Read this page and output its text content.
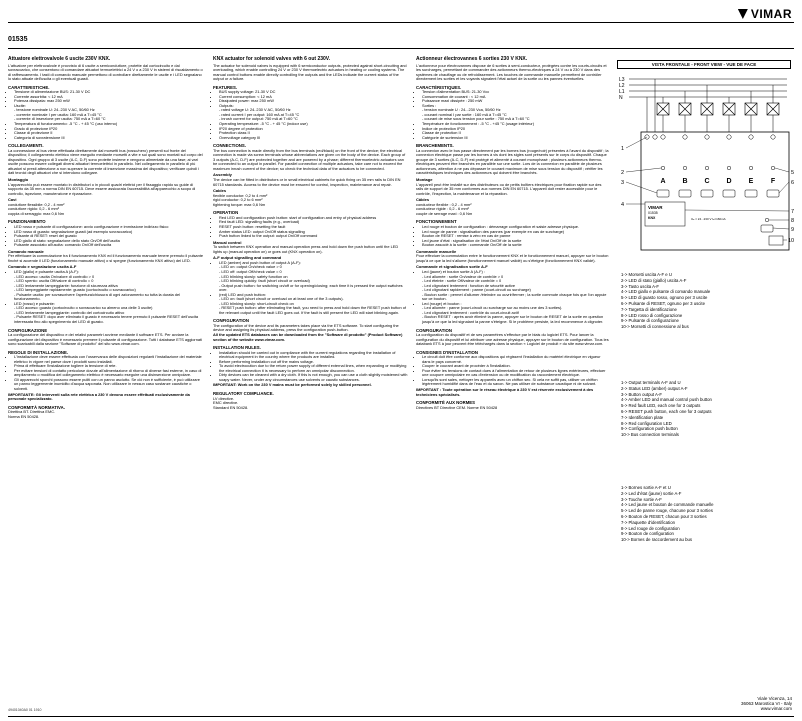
VIMAR
01535
Attuatore elettrovalvole 6 uscite 230V KNX.

L'attuatore per elettrovalvole è provvisto di 6 uscite a semiconduttore, protette dal cortocircuito e dal sovraccarico, che consentono di comandare attuatori termoelettrici a 24 V o a 230 V in sistemi di riscaldamento o di raffrescamento. I tasti di comando manuale permettono di controllare direttamente le uscite e i LED segnalano lo stato attuale dell'uscita o gli eventuali guasti.

CARATTERISTICHE.
• Tensione di alimentazione BUS: 21-30 V DC
• Corrente assorbita: < 12 mA
• Potenza dissipata: max 250 mW
• Uscite:
- tensione nominale U: 24..230 V AC, 50/60 Hz
- corrente nominale I per uscita: 160 mA a T=45 °C
- corrente di inserzione per uscita: 750 mA a T=60 °C
• Temperatura di funzionamento: -5 °C - + 45 °C (uso interno)
• Grado di protezione IP20
• Classe di protezione II
• Categoria di sovratensione III
COLLEGAMENTI.

La connessione al bus viene effettuata direttamente dal morsetti bus (rosso/nero) presenti sul fronte del dispositivo; il collegamento elettrico viene eseguito mediante morsetti a vite e sui quali sono montati sul corpo del dispositivo. Ogni gruppo di 3 uscite (A-C, D-F) sono protette insieme e vengono alimentate da una fase; ai vari uscite possono essere collegati diversi attuatori termoelettrici in parallelo. Nel collegamento in parallelo di più attuatori si presti attenzione a non superare la corrente di inserzione massima del dispositivo; verificare quindi i dati tecnici degli attuatori che si intendono collegare.

Montaggio

L'apparecchio può essere montato in distributori o in piccoli quadri elettrici per il fissaggio rapido su guide di supporto da 35 mm a norma DIN EN 60715. Deve essere assicurata l'accessibilità all'apparecchio a scopo di controllo, ispezione, manutenzione e riparazione.

Cavi

conduttore flessibile: 0,2 - 4 mm²

conduttore rigido: 0,2 - 6 mm²

coppia di serraggio: max 0,6 Nm

FUNZIONAMENTO
• LED rosso e pulsante di configurazione: avvio configurazione e immissione indirizzo fisico
• LED rosso di guasto: segnalazione guasti (ad esempio sovraccarico)
• Pulsante di RESET: reset del guasto
• LED giallo di stato: segnalazione dello stato On/Off dell'uscita
• Pulsante associato all'uscita: comando On/Off dell'uscita
Comando manuale

Per effettuare la commutazione tra il funzionamento KNX ed il funzionamento manuale tenere premuto il pulsante finché si accende il LED (funzionamento manuale attivo) o si spegne (funzionamento KNX attivo) del LED.

Comando e segnalazione uscita A-F
• LED (giallo) e pulsante uscita A (A-F):
- LED acceso: uscita On/valore di controllo > 0
- LED spento: uscita Off/valore di controllo = 0
- LED lentamente lampeggiante: funzione di sicurezza attiva
- LED lampeggiante rapidamente: guasto (cortocircuito o sovraccarico)
- Pulsante uscita: per sovrascrivere l'apertura/chiusura di ogni azionamento su tutta la durata del funzionamento.
• LED (rosso) e pulsante:
- LED acceso: guasto (cortocircuito o sovraccarico su almeno una delle 3 uscite)
- LED lentamente lampeggiante: controllo del cortocircuito attivo
- Pulsante RESET: dopo aver eliminato il guasto è necessario tenere premuto il pulsante RESET dell'uscita interessata fino allo spegnimento del LED di guasto.
CONFIGURAZIONE

La configurazione del dispositivo e dei relativi parametri avviene mediante il software ETS. Per avviare la configurazione del dispositivo è necessario premere il pulsante di configurazione. Tutti i database ETS aggiornati sono scaricabili dalla sezione "Software di prodotto" del sito www.vimar.com.

REGOLE DI INSTALLAZIONE.
• L'installazione deve essere effettuata con l'osservanza delle disposizioni regolanti l'installazione del materiale elettrico in vigore nel paese dove i prodotti sono installati.
• Prima di effettuare l'installazione togliere la tensione di rete.
• Per evitare tensioni di contatto pericolose dovute all'alimentazione di ritorno di diverse fasi esterne, in caso di ampliamento o modifica del collegamento elettrico è necessario eseguire una disinserzione onnipolare.
• Gli apparecchi sporchi possono essere puliti con un panno asciutto. Se ciò non è sufficiente, è può utilizzare un panno leggermente inumidito d'acqua saponata. Non utilizzare in nessun caso sostanze caustiche o solventi.

IMPORTANTE: Gli interventi sulla rete elettrica a 230 V devono essere effettuati esclusivamente da personale specializzato.

CONFORMITÀ NORMATIVA.

Direttiva BT. Direttiva EMC.

Norma EN 50428.

KNX actuator for solenoid valves with 6 out 230V.

The actuator for solenoid valves is equipped with 6 semiconductor outputs, protected against short-circuiting and overloading, which enable controlling 24 V or 230 V thermoelectric actuators in heating or cooling systems. The manual control buttons enable directly controlling the outputs and the LEDs indicate the current status of the output or a failure.

FEATURES.
• BUS supply voltage: 21-30 V DC
• Current consumption: < 12 mA
• Dissipated power: max 250 mW
• Outputs:
- rated voltage U: 24..230 V AC, 50/60 Hz
- rated current I per output: 160 mA at T=45 °C
- inrush current for output: 750 mA at T=60 °C
• Operating temperature: -5 °C - + 45 °C (indoor use)
• IP20 degree of protection
• Protection class II
• Overvoltage category III
CONNECTIONS.

The bus connection is made directly from the bus terminals (red/black) on the front of the device; the electrical connection is made via screw terminals whose abbreviations are given on the body of the device. Each group of 3 outputs (A-C, D-F) are protected together and are powered by a phase; different thermoelectric actuators can be connected to an output in parallel. For parallel connection of multiple actuators, take care not to exceed the maximum inrush current of the device; so check the technical data of the actuators to be connected.

Assembly

The device can be fitted in distributors or in small electrical cabinets for quick fixing on 35 mm rails to DIN EN 60715 standards. Access to the device must be ensured for control, inspection, maintenance and repair.

Cables

flexible conductor: 0,2 to 4 mm²

rigid conductor: 0,2 to 6 mm²

tightening torque: max 0,6 Nm

OPERATION
• Red LED and configuration push button: start of configuration and entry of physical address
• Red fault LED: signalling faults (e.g., overload)
• RESET push button: resetting the fault
• Amber status LED: output On/Off status signalling
• Push button linked to the output: output On/Off command
Manual control

To switch between KNX operation and manual operation press and hold down the push button until the LED lights up (manual operation on) or goes out (KNX operation on).

A-F output signalling and command
• LED (amber) and push button of output A (A-F):
- LED on: output On/check value > 0
- LED off: output Off/check value = 0
- LED blinking slowly: safety function on
- LED blinking quickly: fault (short circuit or overload)
- Output push button: for switching on/off or for opening/closing; each time it is pressed the output switches over.
• (red) LED and push button:
- LED on: fault (short circuit or overload on at least one of the 3 outputs).
- LED blinking slowly: short-circuit check on
- RESET push button: after eliminating the fault, you need to press and hold down the RESET push button of the relevant output until the fault LED goes out. If the fault is still present the LED will start blinking again.
CONFIGURATION

The configuration of the device and its parameters takes place via the ETS software. To start configuring the device and assigning its physical address, press the configuration push-button.

All the updated ETS databases can be downloaded from the "Software di prodotto" (Product Software) section of the website www.vimar.com.

INSTALLATION RULES.
• Installation should be carried out in compliance with the current regulations regarding the installation of electrical equipment in the country where the products are installed.
• Before performing installation cut off the mains voltage.
• To avoid electrocution due to the return power supply of different external lines, when expanding or modifying the electrical connection it is necessary to perform an omnipolar disconnection.
• Dirty devices can be cleaned with a dry cloth. If this is not enough, you can use a cloth slightly moistened with soapy water. Never, under any circumstances use solvents or caustic substances.

IMPORTANT: Work on the 230 V mains must be performed solely by skilled personnel.

REGULATORY COMPLIANCE.

LV directive.

EMC directive.

Standard EN 50428.

Actionneur électrovannes 6 sorties 230 V KNX.

L'actionneur pour électrovannes dispose de 6 sorties à semi-conducteur, protégées contre les courts-circuits et les surcharges, permettant de commander des actionneurs thermo-électriques à 24 V ou à 230 V dans des systèmes de chauffage ou de refroidissement. Les touches de commande manuelle permettent de contrôler directement les sorties et les voyants signalent l'état actuel de la sortie ou les pannes éventuelles.

CARACTÉRISTIQUES.
• Tension d'alimentation BUS: 21-30 Vcc
• Consommation de courant : < 12 mA
• Puissance maxi dissipée : 250 mW
• Sorties :
- tension nominale U : 24...230 Vca, 50/60 Hz
- courant nominal I par sortie : 160 mA à T=45 °C
- courant de mise sous tension pour sortie : 750 mA à T=60 °C
• Température de fonctionnement : -5 °C - +45 °C (usage intérieur)
• Indice de protection IP20
• Classe de protection II
• Catégorie de surtension III
BRANCHEMENTS.

La connexion avec le bus passe directement par les bornes bus (rouge/noir) présentes à l'avant du dispositif ; la connexion électrique passe par les bornes à vis dont les sigles sont présents sur le corps du dispositif. Chaque groupe de 3 sorties (A-C, D-F) est protégé et alimenté à courant monophasé ; plusieurs actionneurs thermo-électriques peuvent être branchés en parallèle sur une sortie. Lors de la connexion en parallèle de plusieurs actionneurs, attention à ne pas dépasser le courant maximum de mise sous tension du dispositif ; vérifier les caractéristiques techniques des actionneurs qui doivent être branchés.

Montage

L'appareil peut être installé sur des distributeurs ou de petits boîtiers électriques pour fixation rapide sur des rails de support de 35 mm conformes aux normes DIN EN 60715. L'appareil doit rester accessible pour le contrôle, l'inspection, la maintenance et la réparation.

Câbles

conducteur flexible : 0,2 - 4 mm²

conducteur rigide : 0,2 - 6 mm²

couple de serrage maxi : 0,6 Nm

FONCTIONNEMENT
• Led rouge et bouton de configuration : démarrage configuration et saisie adresse physique.
• Led rouge de panne : signalisation des pannes (par exemple en cas de surcharge)
• Bouton de RESET : remise à zéro en cas de panne
• Led jaune d'état : signalisation de l'état On/Off de la sortie
• Bouton associé à la sortie : commande On/Off de la sortie
Commande manuelle

Pour effectuer la commutation entre le fonctionnement KNX et le fonctionnement manuel, appuyer sur le bouton jusqu'à ce que la led s'allume (fonctionnement manuel validé) ou s'éteigne (fonctionnement KNX validé).

Commande et signalisation sortie A-F
• Led (jaune) et bouton sortie A (A-F) :
- Led allumée : sortie On/valeur de contrôle > 0
- Led éteinte : sortie Off/valeur de contrôle = 0
- Led clignotant lentement : fonction de sécurité active
- Led clignotant rapidement : panne (court-circuit ou surcharge)
- Bouton sortie : permet d'allumer /éteindre ou ouvrir/fermer ; la sortie commute chaque fois que l'on appuie sur ce bouton.
• Led (rouge) et bouton :
- Led allumée : panne (court-circuit ou surcharge sur au moins une des 3 sorties).
- Led clignotant lentement : contrôle du court-circuit actif
- Bouton RESET : après avoir éliminé la panne, appuyer sur le bouton de RESET de la sortie en question jusqu'à ce que la led signalant la panne s'éteigne. Si le problème persiste, la led recommence à clignoter.
CONFIGURATION

La configuration du dispositif et de ses paramètres s'effectue par le biais du logiciel ETS. Pour lancer la configuration du dispositif et lui attribuer une adresse physique, appuyer sur le bouton de configuration. Tous les databank ETS à jour peuvent être téléchargés dans la section « Logiciel de produit » du site www.vimar.com.

CONSIGNES D'INSTALLATION
• Le circuit doit être conforme aux dispositions qui régissent l'installation du matériel électrique en vigueur dans le pays concerné.
• Couper le courant avant de procéder à l'installation.
• Pour éviter les tensions de contact dues à l'alimentation de retour de plusieurs lignes extérieures, effectuer une coupure omnipolaire en cas d'extension ou de modification du raccordement électrique.
• Lorsqu'ils sont sales, nettoyer les appareils avec un chiffon sec. Si cela ne suffit pas, utiliser un chiffon légèrement humidifié dans de l'eau et du savon. Ne pas utiliser de substance caustique ni de solvant.

IMPORTANT : Toute opération sur le réseau électrique à 230 V est réservée exclusivement à des techniciens spécialisés.

CONFORMITÉ AUX NORMES

Directives BT Directive CEM. Norme EN 50428

VISTA FRONTALE - FRONT VIEW - VUE DE FACE
L3
L2
L1
N
A B C D E	F
VIMAR
01535
KNX	Uₙ = 24...230 V Iₙ=160mA
1
2
3
4
5
6
7
8
9
10

1-> Morsetti uscita A-F e U

2-> LED di stato (giallo) uscita A-F

3-> Tasto uscita A-F

4-> LED giallo e pulsante di comando manuale

5-> LED di guasto rosso, ognuno per 3 uscite

6-> Pulsante di RESET, ognuno per 3 uscite

7-> Targetta di identificazione

8-> LED rosso di configurazione

9-> Pulsante di configurazione

10-> Morsetti di connessione al bus

1-> Output terminals A-F and U

2-> Status LED (amber) output A-F

3-> Button output A-F

4-> Amber LED and manual control push button

5-> Red fault LED, each one for 3 outputs

6-> RESET push button, each one for 3 outputs

7-> Identification plate

8-> Red configuration LED

9-> Configuration push button

10-> Bus connection terminals

1-> Bornes sortie A-F et U

2-> Led d'état (jaune) sortie A-F

3-> Touche sortie A-F

4-> Led jaune et bouton de commande manuelle

5-> Led de panne rouge, chacune pour 3 sorties

6-> Bouton de RESET, chacun pour 3 sorties

7-> Plaquette d'identification

8-> Led rouge de configuration

9-> Bouton de configuration

10-> Bornes de raccordement au bus

Viale Vicenza, 14
36063 Marostica VI - Italy
www.vimar.com
49401040A0 01 1910
